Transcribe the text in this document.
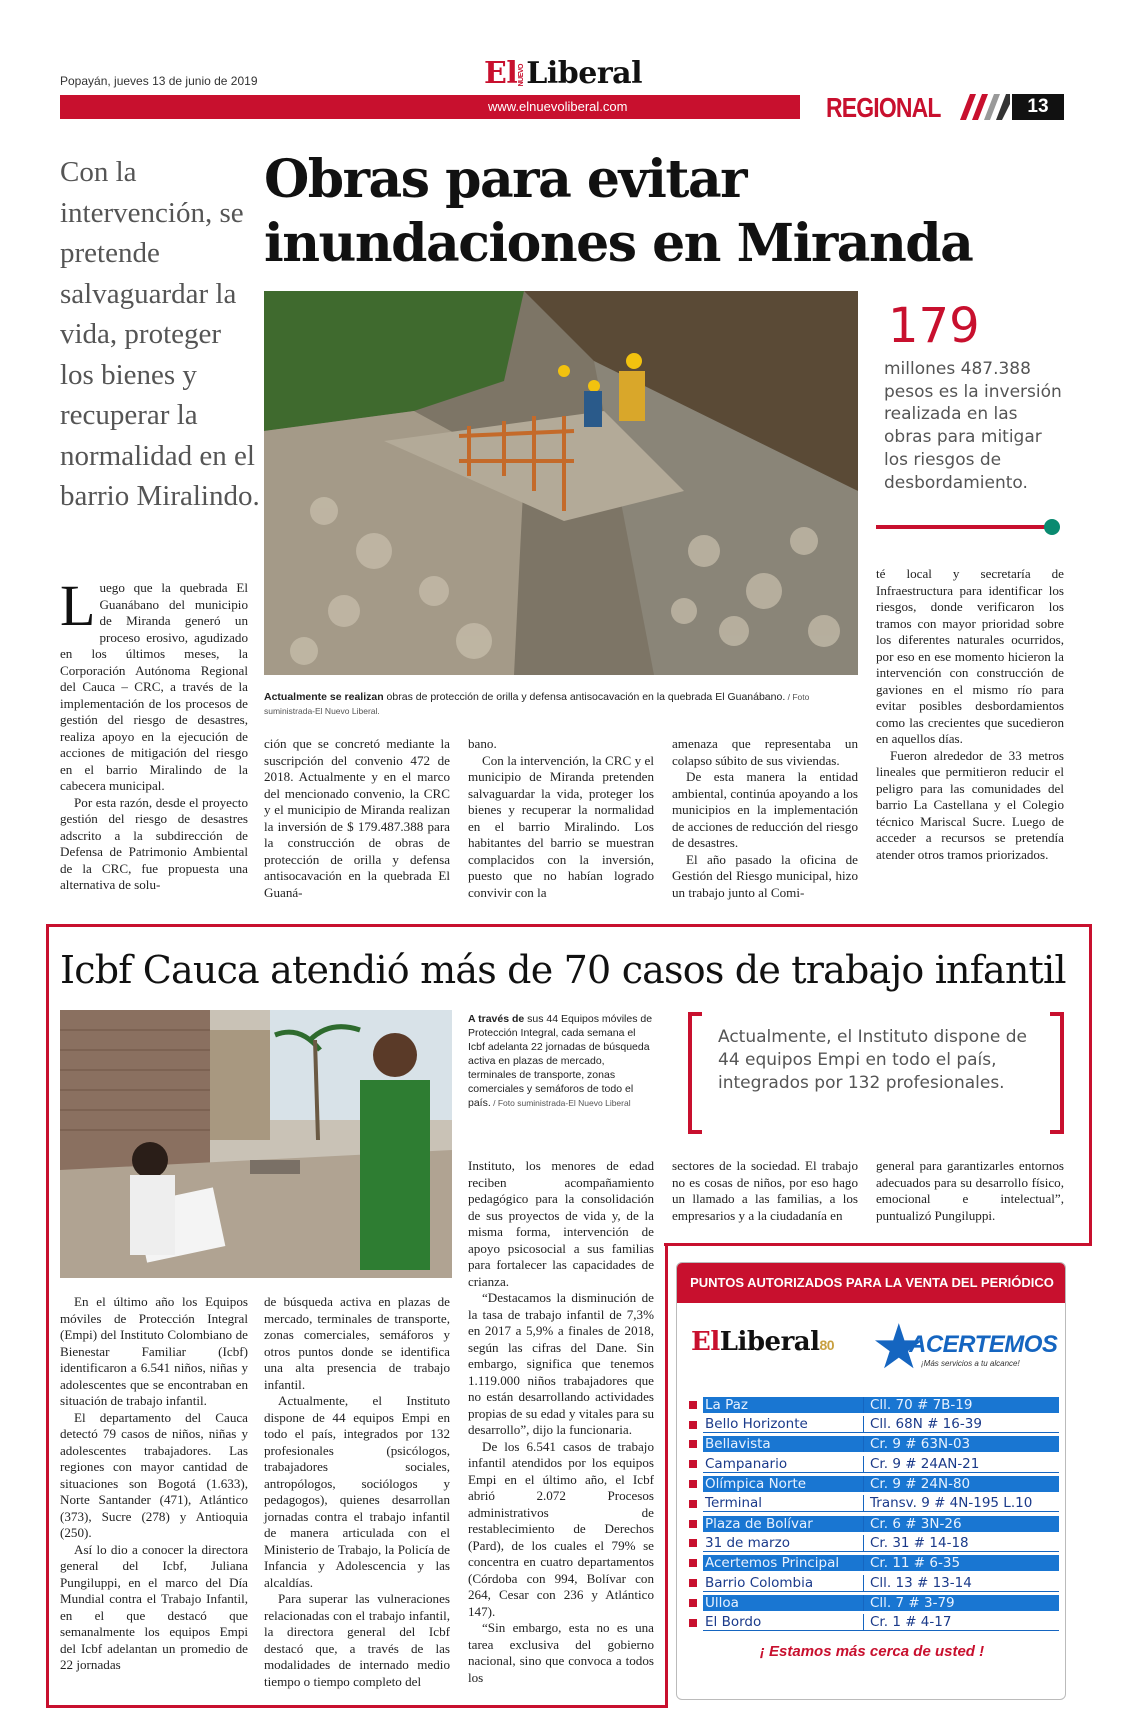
Popayán, jueves 13 de junio de 2019	ElNUEVOLiberal
www.elnuevoliberal.com	REGIONAL	13
Con la intervención, se pretende salvaguardar la vida, proteger los bienes y recuperar la normalidad en el barrio Miralindo.
Obras para evitar inundaciones en Miranda
Actualmente se realizan obras de protección de orilla y defensa antisocavación en la quebrada El Guanábano. / Foto suministrada-El Nuevo Liberal.
179
millones 487.388 pesos es la inversión realizada en las obras para mitigar los riesgos de desbordamiento.

Luego que la quebrada El Guanábano del municipio de Miranda generó un proceso erosivo, agudizado en los últimos meses, la Corporación Autónoma Regional del Cauca – CRC, a través de la implementación de los procesos de gestión del riesgo de desastres, realiza apoyo en la ejecución de acciones de mitigación del riesgo en el barrio Miralindo de la cabecera municipal.

Por esta razón, desde el proyecto gestión del riesgo de desastres adscrito a la subdirección de Defensa de Patrimonio Ambiental de la CRC, fue propuesta una alternativa de solu-

ción que se concretó mediante la suscripción del convenio 472 de 2018. Actualmente y en el marco del mencionado convenio, la CRC y el municipio de Miranda realizan la inversión de $ 179.487.388 para la construcción de obras de protección de orilla y defensa antisocavación en la quebrada El Guaná-

bano.

Con la intervención, la CRC y el municipio de Miranda pretenden salvaguardar la vida, proteger los bienes y recuperar la normalidad en el barrio Miralindo. Los habitantes del barrio se muestran complacidos con la inversión, puesto que no habían logrado convivir con la

amenaza que representaba un colapso súbito de sus viviendas.

De esta manera la entidad ambiental, continúa apoyando a los municipios en la implementación de acciones de reducción del riesgo de desastres.

El año pasado la oficina de Gestión del Riesgo municipal, hizo un trabajo junto al Comi-

té local y secretaría de Infraestructura para identificar los riesgos, donde verificaron los tramos con mayor prioridad sobre los diferentes naturales ocurridos, por eso en ese momento hicieron la intervención con construcción de gaviones en el mismo río para evitar posibles desbordamientos como las crecientes que sucedieron en aquellos días.

Fueron alrededor de 33 metros lineales que permitieron reducir el peligro para las comunidades del barrio La Castellana y el Colegio técnico Mariscal Sucre. Luego de acceder a recursos se pretendía atender otros tramos priorizados.

Icbf Cauca atendió más de 70 casos de trabajo infantil
A través de sus 44 Equipos móviles de Protección Integral, cada semana el Icbf adelanta 22 jornadas de búsqueda activa en plazas de mercado, terminales de transporte, zonas comerciales y semáforos de todo el país. / Foto suministrada-El Nuevo Liberal
Actualmente, el Instituto dispone de 44 equipos Empi en todo el país, integrados por 132 profesionales.

En el último año los Equipos móviles de Protección Integral (Empi) del Instituto Colombiano de Bienestar Familiar (Icbf) identificaron a 6.541 niños, niñas y adolescentes que se encontraban en situación de trabajo infantil.

El departamento del Cauca detectó 79 casos de niños, niñas y adolescentes trabajadores. Las regiones con mayor cantidad de situaciones son Bogotá (1.633), Norte Santander (471), Atlántico (373), Sucre (278) y Antioquia (250).

Así lo dio a conocer la directora general del Icbf, Juliana Pungiluppi, en el marco del Día Mundial contra el Trabajo Infantil, en el que destacó que semanalmente los equipos Empi del Icbf adelantan un promedio de 22 jornadas

de búsqueda activa en plazas de mercado, terminales de transporte, zonas comerciales, semáforos y otros puntos donde se identifica una alta presencia de trabajo infantil.

Actualmente, el Instituto dispone de 44 equipos Empi en todo el país, integrados por 132 profesionales (psicólogos, trabajadores sociales, antropólogos, sociólogos y pedagogos), quienes desarrollan jornadas contra el trabajo infantil de manera articulada con el Ministerio de Trabajo, la Policía de Infancia y Adolescencia y las alcaldías.

Para superar las vulneraciones relacionadas con el trabajo infantil, la directora general del Icbf destacó que, a través de las modalidades de internado medio tiempo o tiempo completo del

Instituto, los menores de edad reciben acompañamiento pedagógico para la consolidación de sus proyectos de vida y, de la misma forma, intervención de apoyo psicosocial a sus familias para fortalecer las capacidades de crianza.

“Destacamos la disminución de la tasa de trabajo infantil de 7,3% en 2017 a 5,9% a finales de 2018, según las cifras del Dane. Sin embargo, significa que tenemos 1.119.000 niños trabajadores que no están desarrollando actividades propias de su edad y vitales para su desarrollo”, dijo la funcionaria.

De los 6.541 casos de trabajo infantil atendidos por los equipos Empi en el último año, el Icbf abrió 2.072 Procesos administrativos de restablecimiento de Derechos (Pard), de los cuales el 79% se concentra en cuatro departamentos (Córdoba con 994, Bolívar con 264, Cesar con 236 y Atlántico 147).

“Sin embargo, esta no es una tarea exclusiva del gobierno nacional, sino que convoca a todos los

sectores de la sociedad. El trabajo no es cosas de niños, por eso hago un llamado a las familias, a los empresarios y a la ciudadanía en

general para garantizarles entornos adecuados para su desarrollo físico, emocional e intelectual”, puntualizó Pungiluppi.

PUNTOS AUTORIZADOS PARA LA VENTA DEL PERIÓDICO
ElLiberal80 ★
ACERTEMOS
¡Más servicios a tu alcance!
La Paz	Cll. 70 # 7B-19
Bello Horizonte	Cll. 68N # 16-39
Bellavista	Cr. 9 # 63N-03
Campanario	Cr. 9 # 24AN-21
Olímpica Norte	Cr. 9 # 24N-80
Terminal	Transv. 9 # 4N-195 L.10
Plaza de Bolívar	Cr. 6 # 3N-26
31 de marzo	Cr. 31 # 14-18
Acertemos Principal	Cr. 11 # 6-35
Barrio Colombia	Cll. 13 # 13-14
Ulloa	Cll. 7 # 3-79
El Bordo	Cr. 1 # 4-17
¡ Estamos más cerca de usted !
